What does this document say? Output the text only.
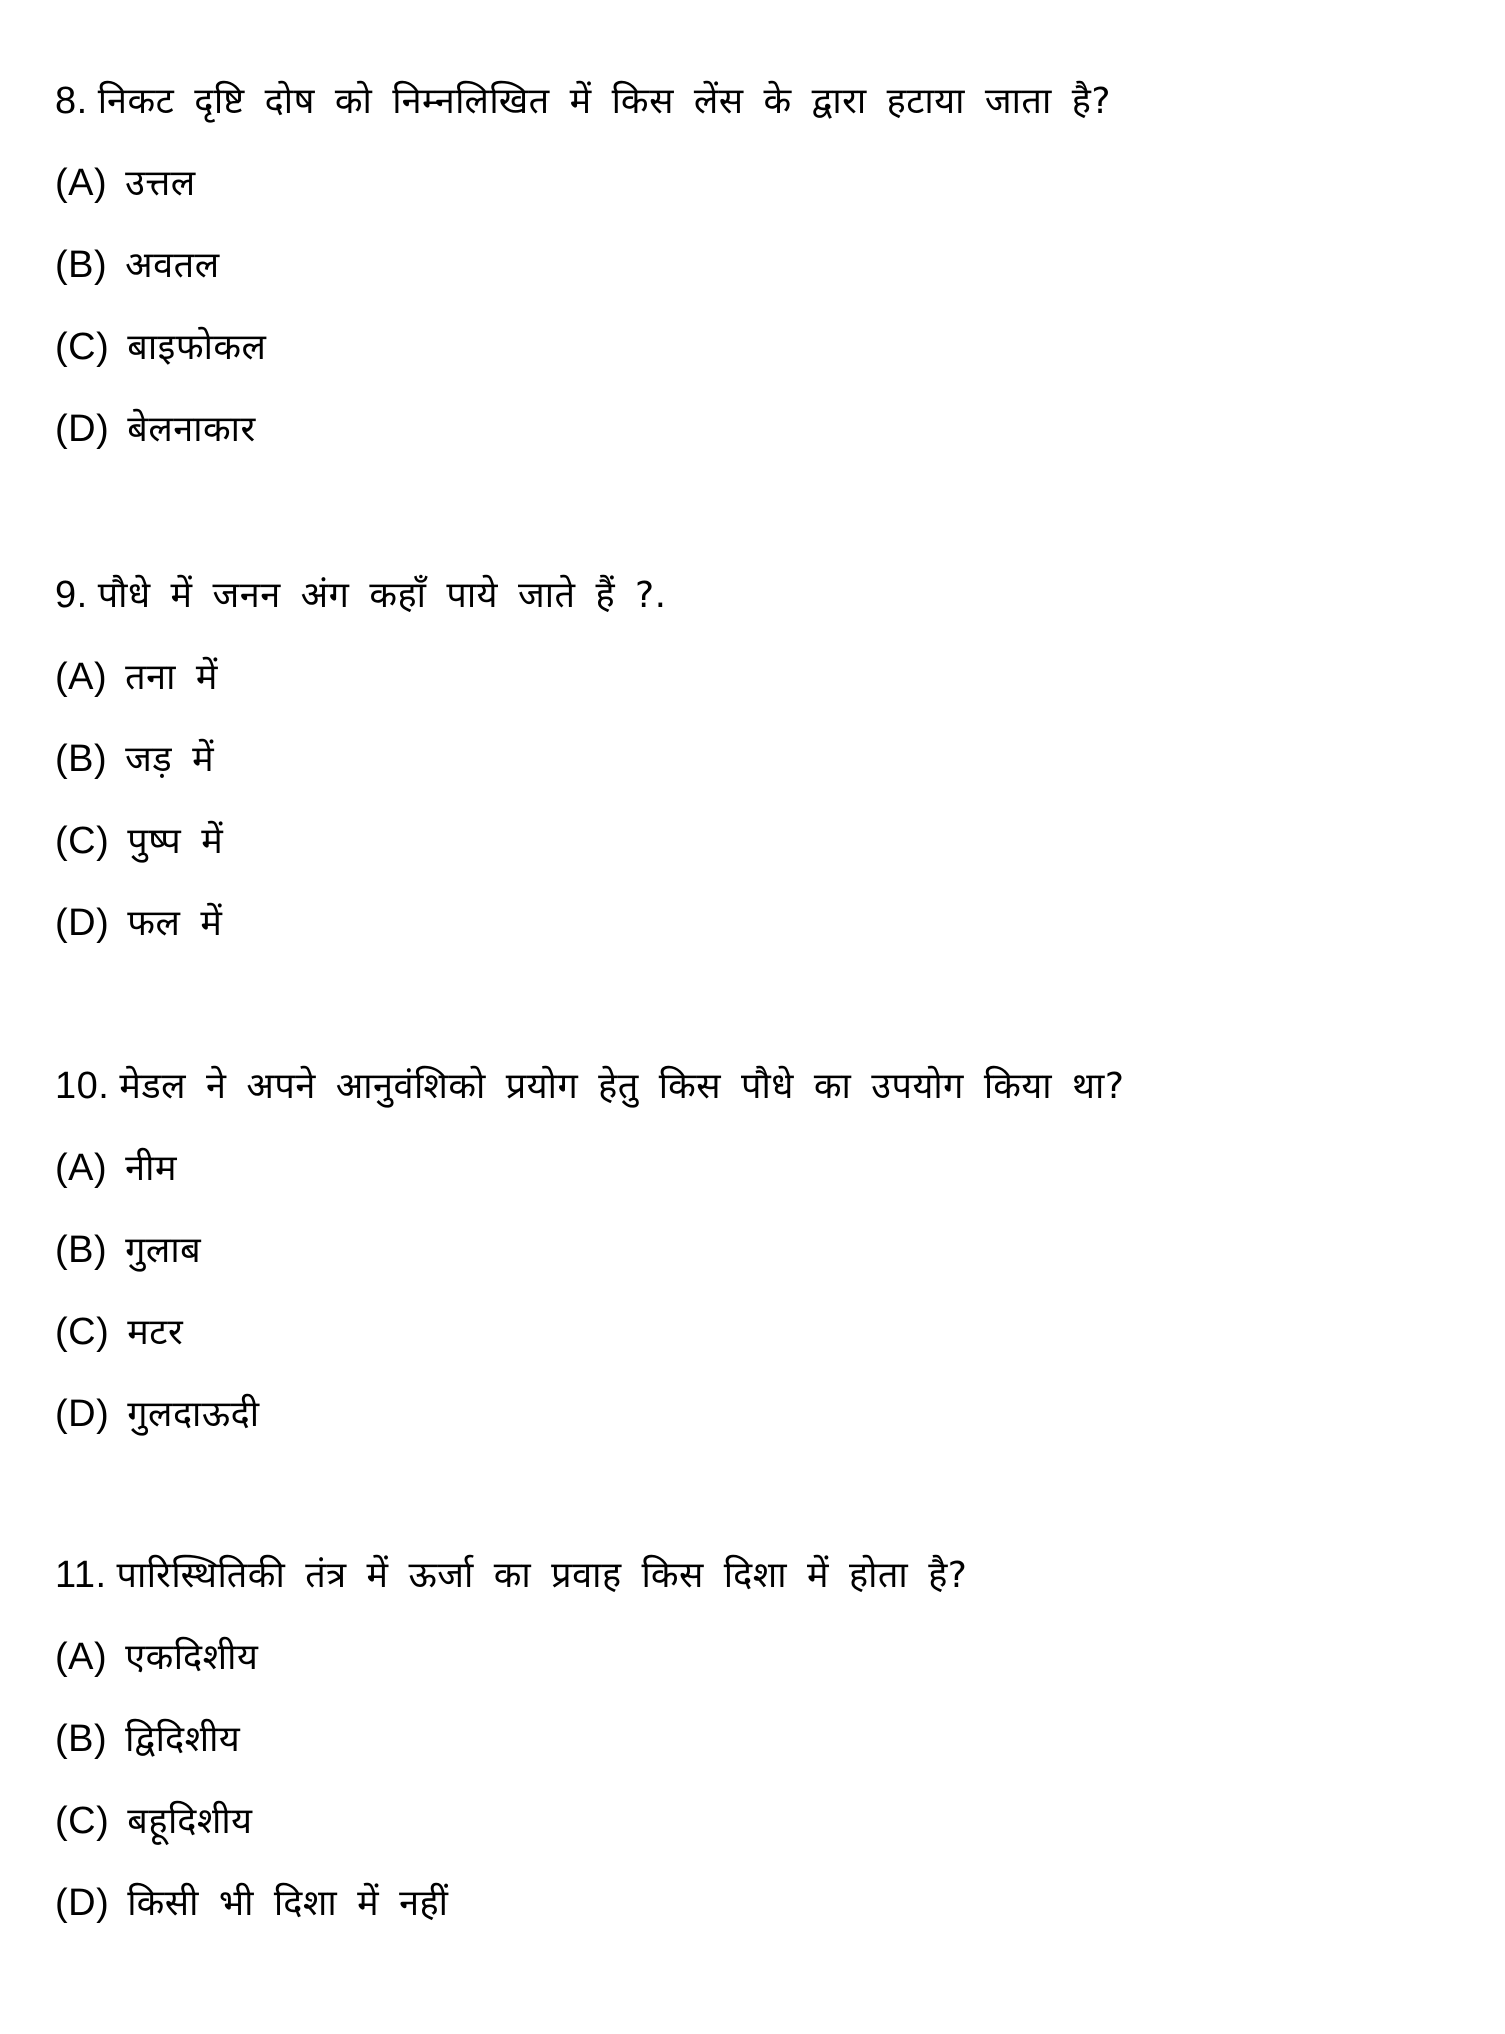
8. निकट दृष्टि दोष को निम्नलिखित में किस लेंस के द्वारा हटाया जाता है?
(A) उत्तल
(B) अवतल
(C) बाइफोकल
(D) बेलनाकार
9. पौधे में जनन अंग कहाँ पाये जाते हैं ?.
(A) तना में
(B) जड़ में
(C) पुष्प में
(D) फल में
10. मेडल ने अपने आनुवंशिको प्रयोग हेतु किस पौधे का उपयोग किया था?
(A) नीम
(B) गुलाब
(C) मटर
(D) गुलदाऊदी
11. पारिस्थितिकी तंत्र में ऊर्जा का प्रवाह किस दिशा में होता है?
(A) एकदिशीय
(B) द्विदिशीय
(C) बहूदिशीय
(D) किसी भी दिशा में नहीं
